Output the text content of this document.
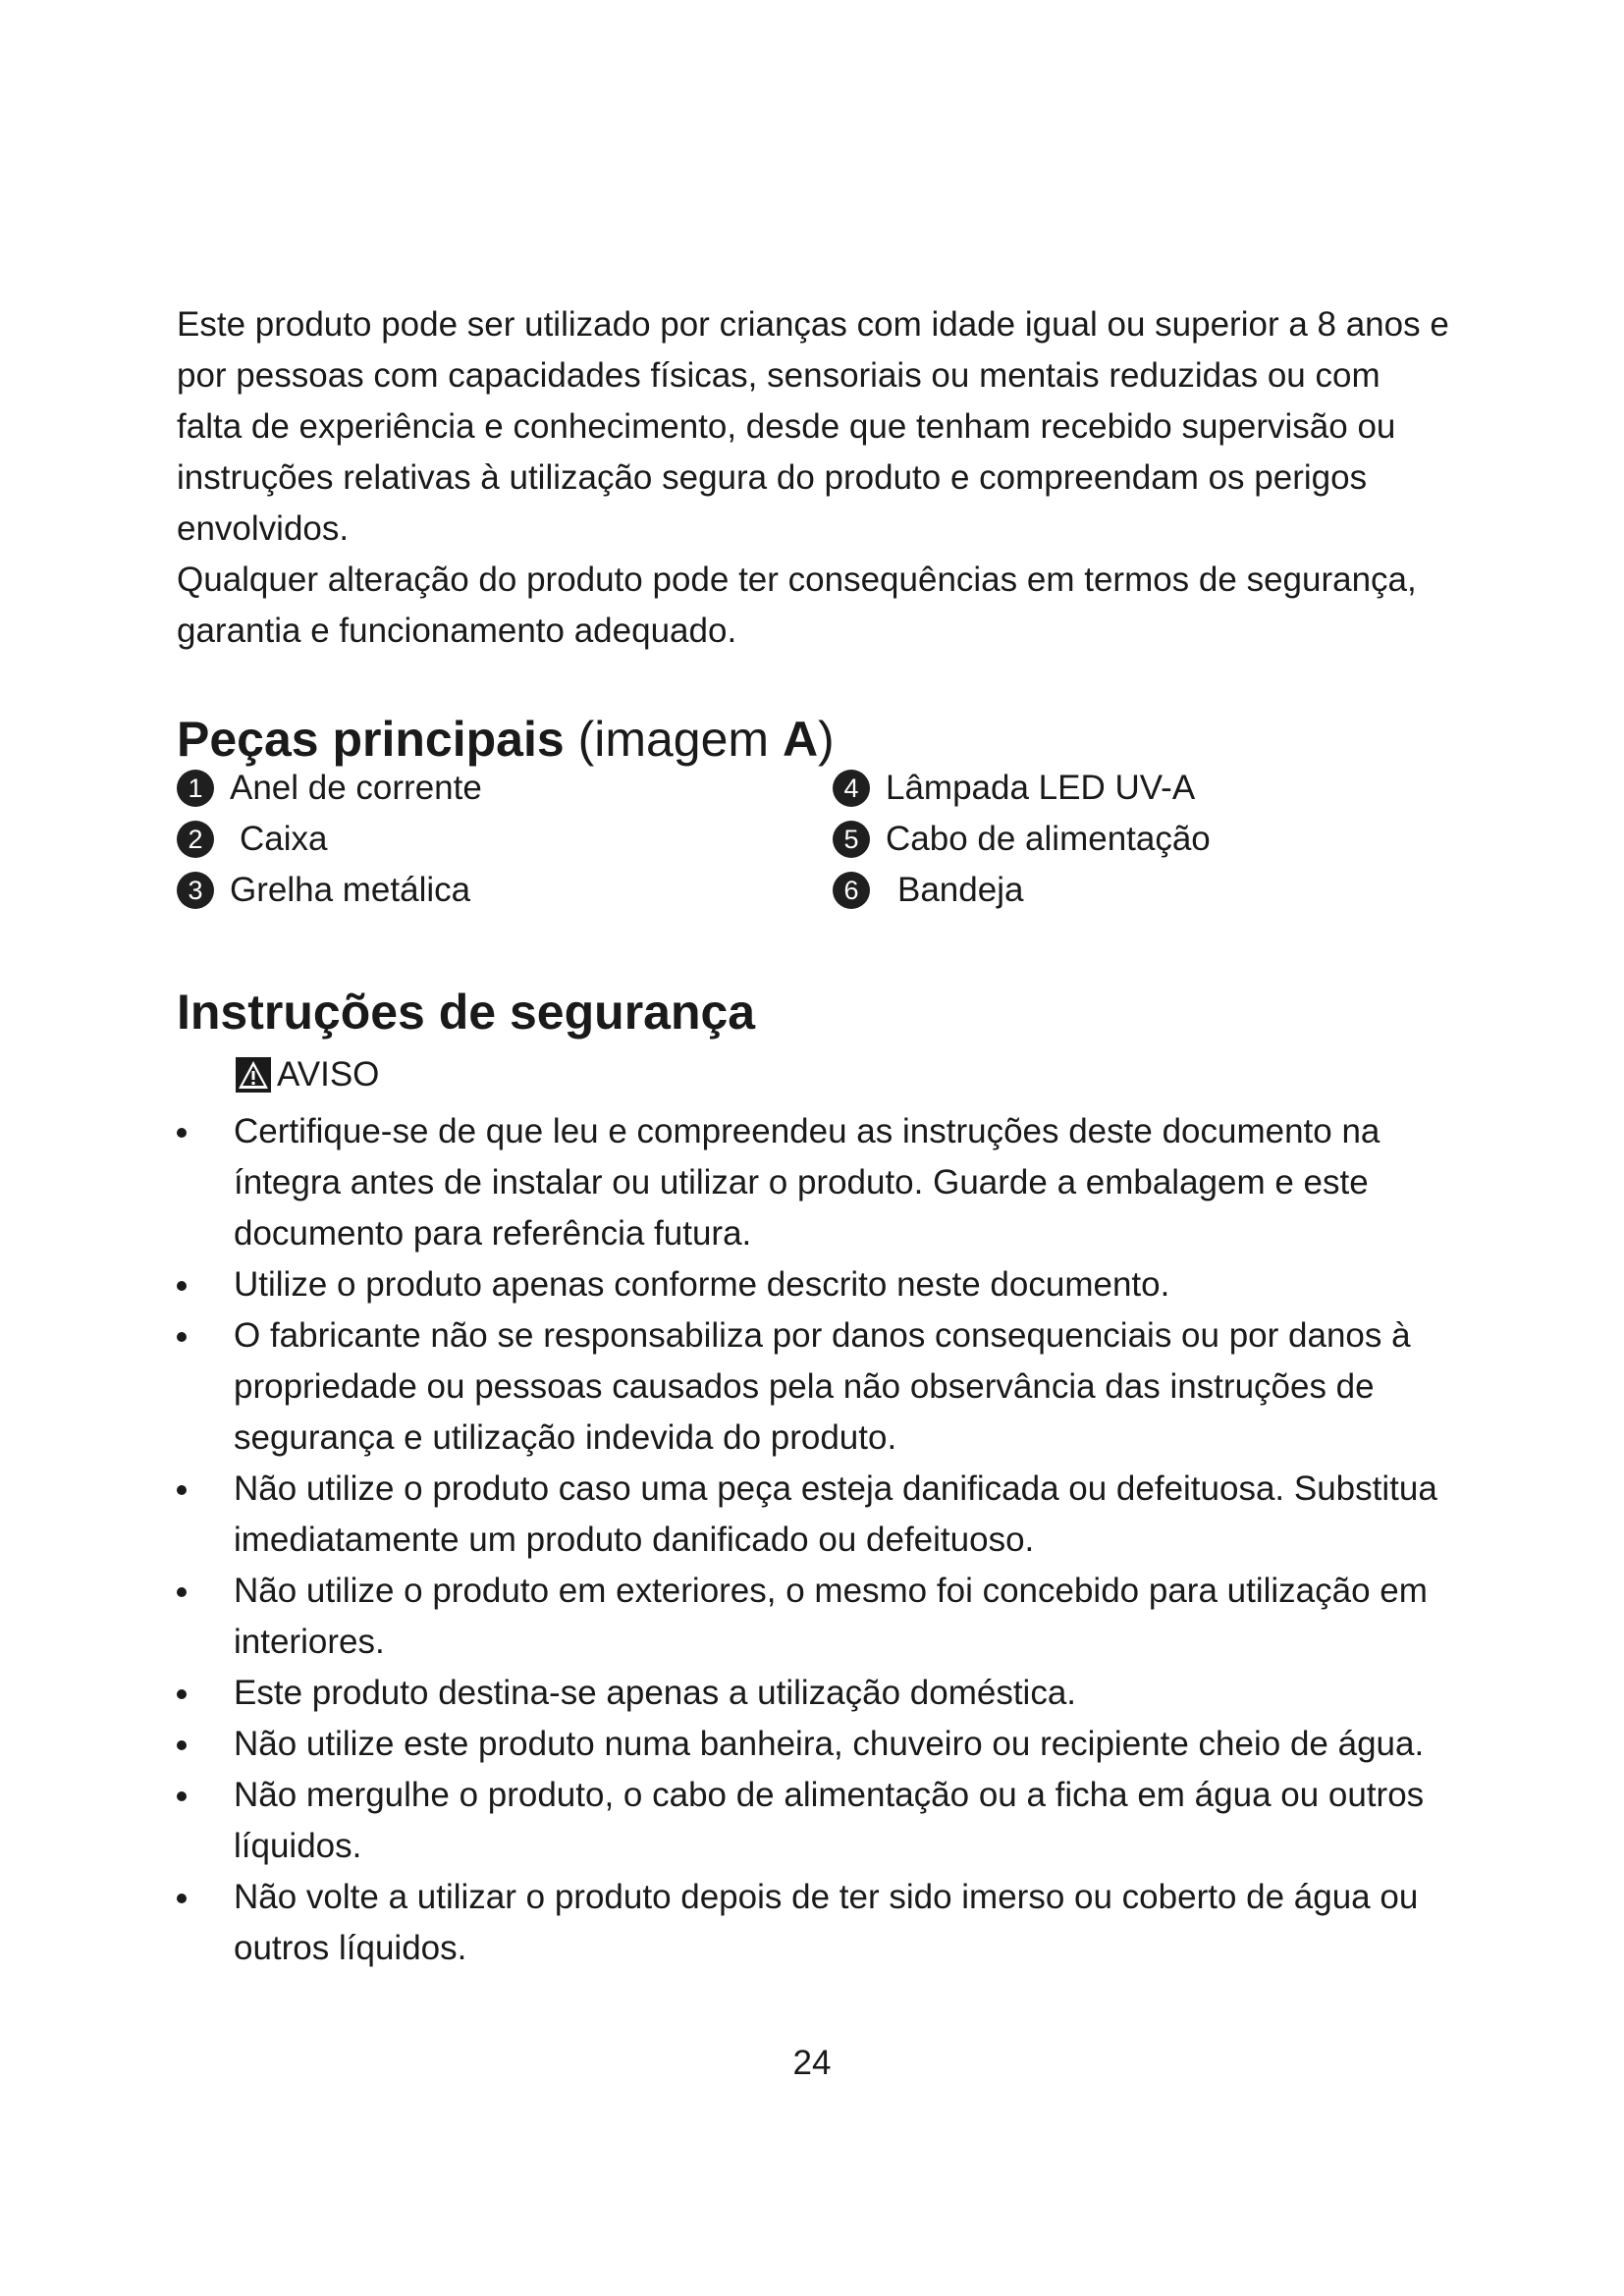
Este produto pode ser utilizado por crianças com idade igual ou superior a 8 anos e por pessoas com capacidades físicas, sensoriais ou mentais reduzidas ou com falta de experiência e conhecimento, desde que tenham recebido supervisão ou instruções relativas à utilização segura do produto e compreendam os perigos envolvidos.

Qualquer alteração do produto pode ter consequências em termos de segurança, garantia e funcionamento adequado.

Peças principais (imagem A)
1 Anel de corrente	4 Lâmpada LED UV-A
2	Caixa	5 Cabo de alimentação
3 Grelha metálica	6	Bandeja
Instruções de segurança
AVISO
Certifique-se de que leu e compreendeu as instruções deste documento na íntegra antes de instalar ou utilizar o produto. Guarde a embalagem e este documento para referência futura.
Utilize o produto apenas conforme descrito neste documento.
O fabricante não se responsabiliza por danos consequenciais ou por danos à propriedade ou pessoas causados pela não observância das instruções de segurança e utilização indevida do produto.
Não utilize o produto caso uma peça esteja danificada ou defeituosa. Substitua imediatamente um produto danificado ou defeituoso.
Não utilize o produto em exteriores, o mesmo foi concebido para utilização em interiores.
Este produto destina-se apenas a utilização doméstica.
Não utilize este produto numa banheira, chuveiro ou recipiente cheio de água.
Não mergulhe o produto, o cabo de alimentação ou a ficha em água ou outros líquidos.
Não volte a utilizar o produto depois de ter sido imerso ou coberto de água ou outros líquidos.
24
